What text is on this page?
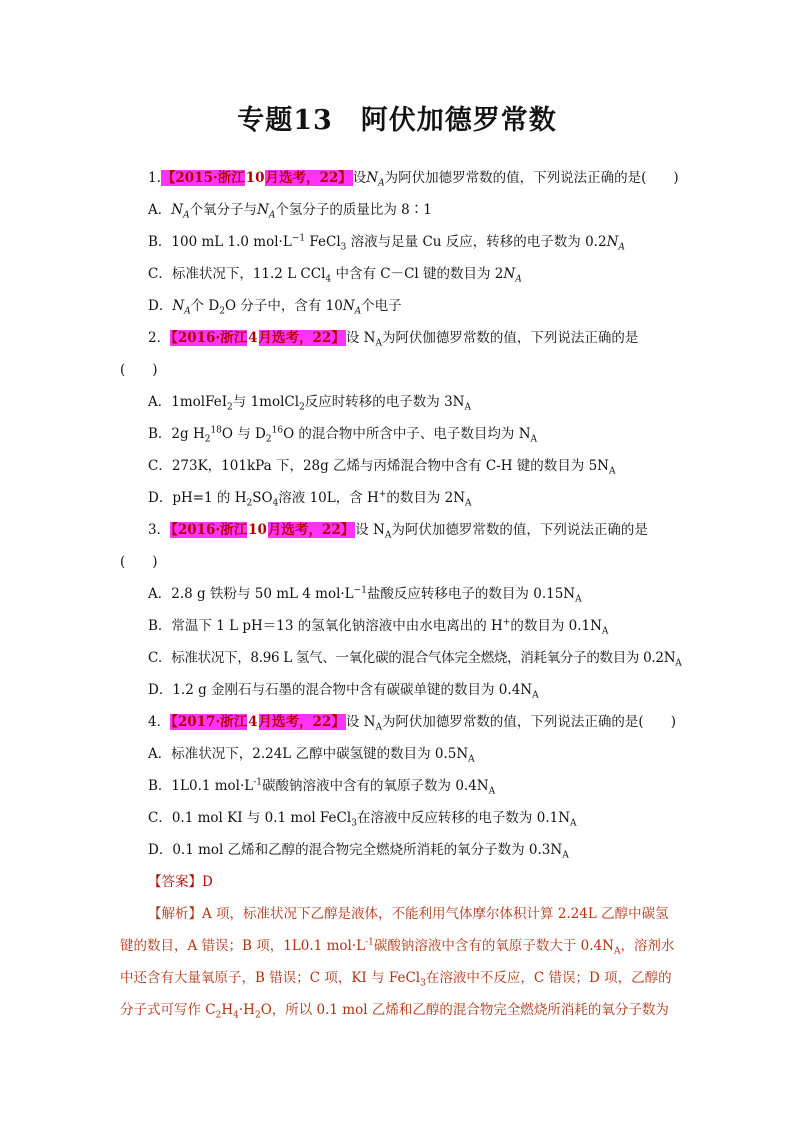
专题13　阿伏加德罗常数
1.【2015·浙江10月选考，22】设$N_A$为阿伏加德罗常数的值，下列说法正确的是(　　)
A．$N_A$个氧分子与$N_A$个氢分子的质量比为 8∶1
B．100 mL 1.0 $mol\cdot L^{-1}$ FeCl$_3$ 溶液与足量 Cu 反应，转移的电子数为 $0.2N_A$
C．标准状况下，11.2 L CCl$_4$ 中含有 C－Cl 键的数目为 $2N_A$
D．$N_A$个 $D_2O$ 分子中，含有 $10N_A$个电子
2．【2016·浙江4月选考，22】设 $N_A$为阿伏伽德罗常数的值，下列说法正确的是
(　　)
A．1molFeI$_2$与 1molCl$_2$反应时转移的电子数为 $3N_A$
B．2g $H_2^{18}O$ 与 $D_2^{16}O$ 的混合物中所含中子、电子数目均为 $N_A$
C．273K，101kPa 下，28g 乙烯与丙烯混合物中含有 C-H 键的数目为 $5N_A$
D．pH=1 的 $H_2SO_4$溶液 10L，含 H+的数目为 $2N_A$
3．【2016·浙江10月选考，22】设 $N_A$为阿伏加德罗常数的值，下列说法正确的是
(　　)
A．2.8 g 铁粉与 50 mL 4 $mol\cdot L^{-1}$盐酸反应转移电子的数目为 $0.15N_A$
B．常温下 1 L pH＝13 的氢氧化钠溶液中由水电离出的 H+的数目为 $0.1N_A$
C．标准状况下，8.96 L 氢气、一氧化碳的混合气体完全燃烧，消耗氧分子的数目为 $0.2N_A$
D．1.2 g 金刚石与石墨的混合物中含有碳碳单键的数目为 $0.4N_A$
4．【2017·浙江4月选考，22】设 $N_A$为阿伏加德罗常数的值，下列说法正确的是(　　)
A．标准状况下，2.24L 乙醇中碳氢键的数目为 $0.5N_A$
B．1L0.1 $mol\cdot L^{-1}$碳酸钠溶液中含有的氧原子数为 $0.4N_A$
C．0.1 mol KI 与 0.1 mol FeCl$_3$在溶液中反应转移的电子数为 $0.1N_A$
D．0.1 mol 乙烯和乙醇的混合物完全燃烧所消耗的氧分子数为 $0.3N_A$
【答案】D
【解析】A 项，标准状况下乙醇是液体，不能利用气体摩尔体积计算 2.24L 乙醇中碳氢
键的数目，A 错误；B 项，1L0.1 $mol\cdot L^{-1}$碳酸钠溶液中含有的氧原子数大于 $0.4N_A$，溶剂水
中还含有大量氧原子，B 错误；C 项，KI 与 FeCl$_3$在溶液中不反应，C 错误；D 项，乙醇的
分子式可写作 $C_2H_4\cdot H_2O$，所以 0.1 mol 乙烯和乙醇的混合物完全燃烧所消耗的氧分子数为
